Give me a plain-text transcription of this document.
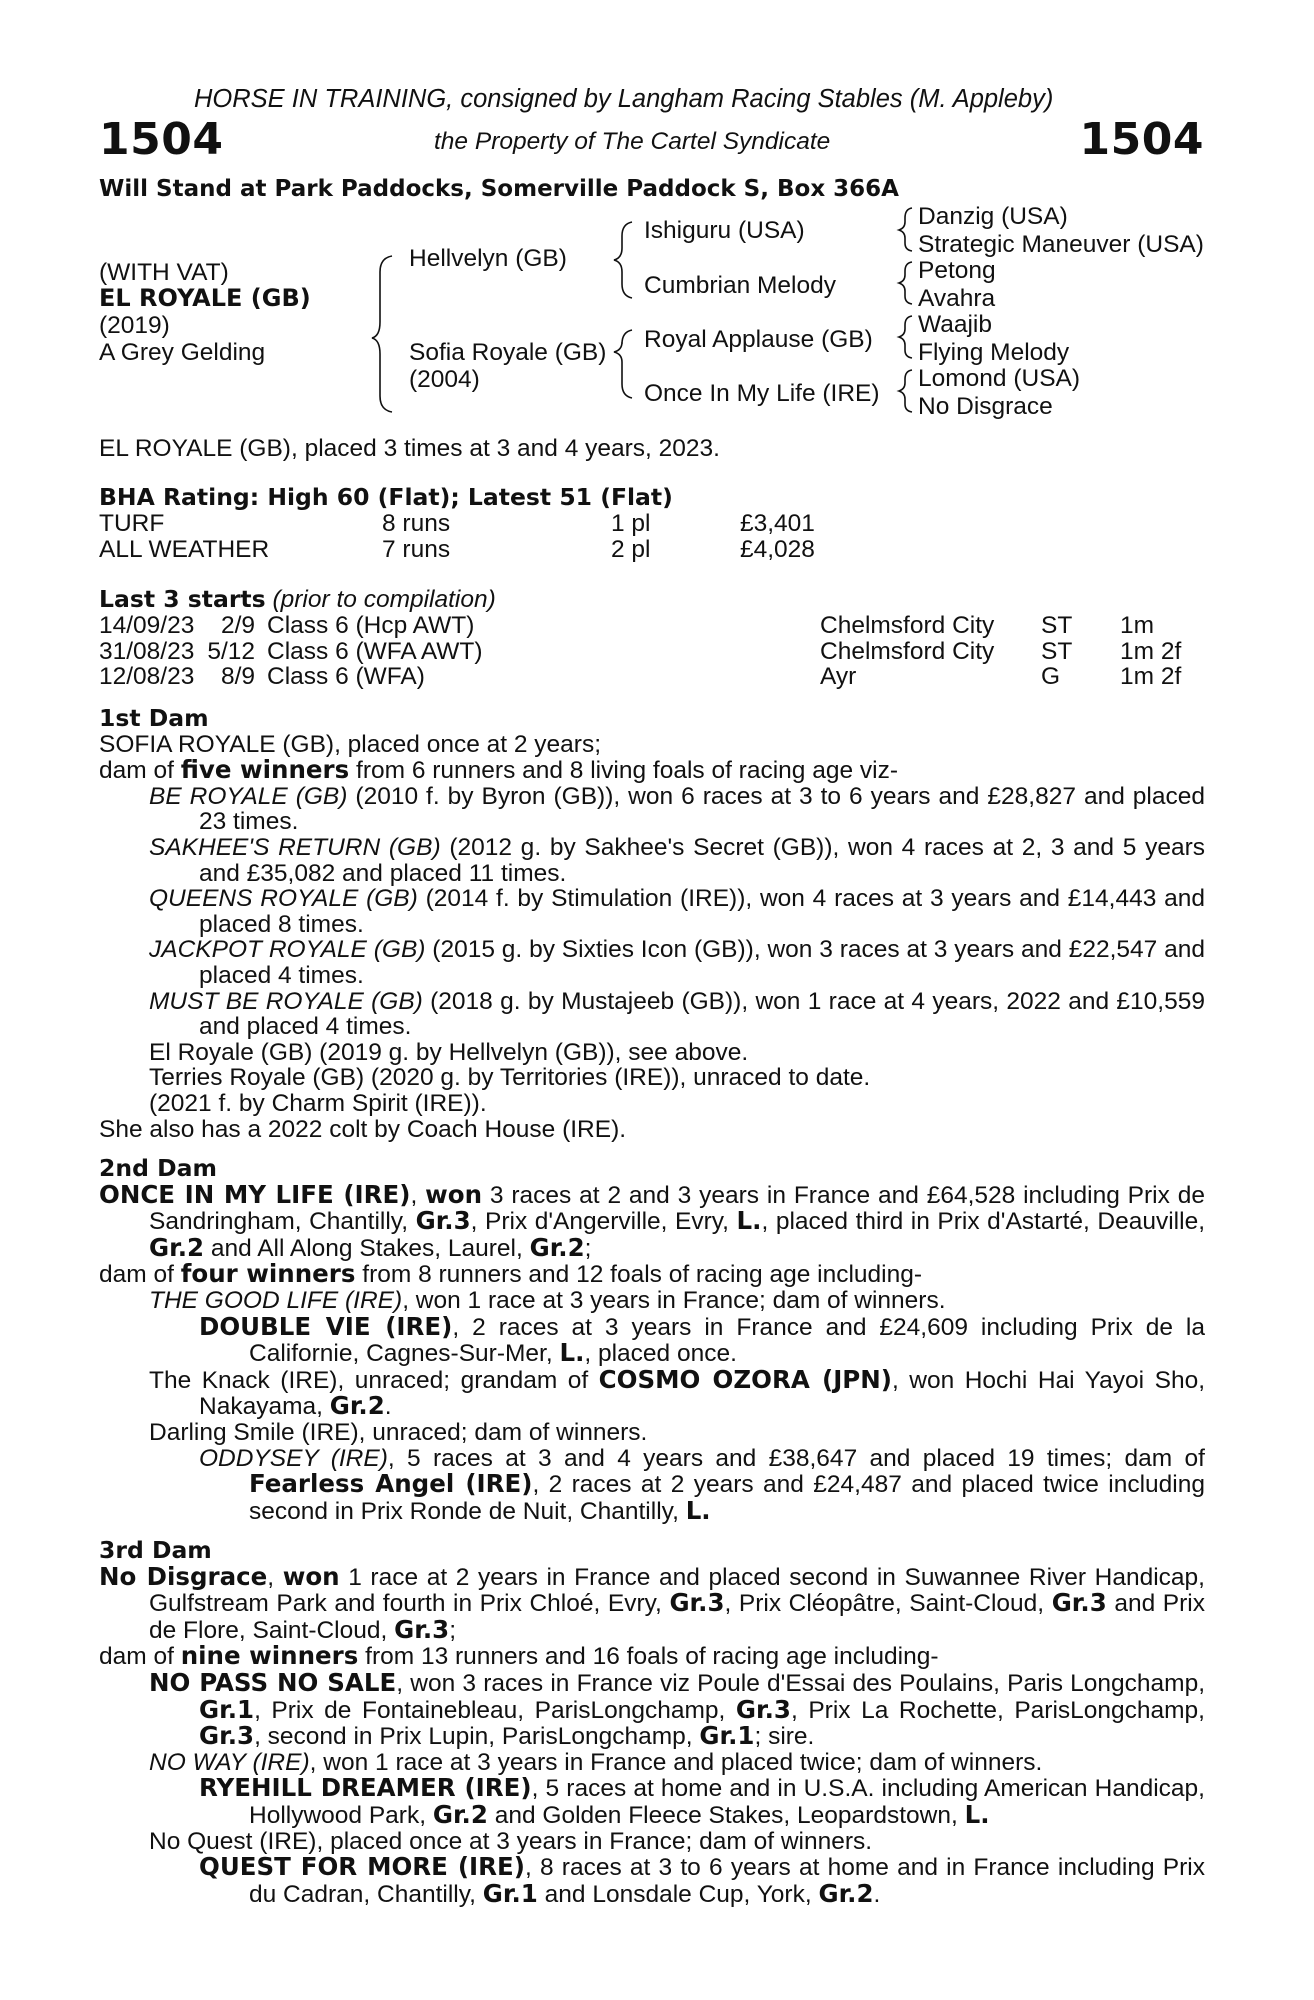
HORSE IN TRAINING, consigned by Langham Racing Stables (M. Appleby)
1504	the Property of The Cartel Syndicate	1504
Will Stand at Park Paddocks, Somerville Paddock S, Box 366A
(WITH VAT)
EL ROYALE (GB)
(2019)
A Grey Gelding
Hellvelyn (GB)
Sofia Royale (GB)
(2004)
Ishiguru (USA)
Cumbrian Melody
Royal Applause (GB)
Once In My Life (IRE)
Danzig (USA)
Strategic Maneuver (USA)
Petong
Avahra
Waajib
Flying Melody
Lomond (USA)
No Disgrace
EL ROYALE (GB), placed 3 times at 3 and 4 years, 2023.
BHA Rating: High 60 (Flat); Latest 51 (Flat)
TURF	8 runs	1 pl	£3,401
ALL WEATHER	7 runs	2 pl	£4,028
Last 3 starts (prior to compilation)
14/09/23	2/9	Class 6 (Hcp AWT)	Chelmsford City	ST	1m
31/08/23	5/12	Class 6 (WFA AWT)	Chelmsford City	ST	1m 2f
12/08/23	8/9	Class 6 (WFA)	Ayr	G	1m 2f
1st Dam
SOFIA ROYALE (GB), placed once at 2 years;
dam of five winners from 6 runners and 8 living foals of racing age viz-
BE ROYALE (GB) (2010 f. by Byron (GB)), won 6 races at 3 to 6 years and £28,827 and placed 23 times.
SAKHEE'S RETURN (GB) (2012 g. by Sakhee's Secret (GB)), won 4 races at 2, 3 and 5 years and £35,082 and placed 11 times.
QUEENS ROYALE (GB) (2014 f. by Stimulation (IRE)), won 4 races at 3 years and £14,443 and placed 8 times.
JACKPOT ROYALE (GB) (2015 g. by Sixties Icon (GB)), won 3 races at 3 years and £22,547 and placed 4 times.
MUST BE ROYALE (GB) (2018 g. by Mustajeeb (GB)), won 1 race at 4 years, 2022 and £10,559 and placed 4 times.
El Royale (GB) (2019 g. by Hellvelyn (GB)), see above.
Terries Royale (GB) (2020 g. by Territories (IRE)), unraced to date.
(2021 f. by Charm Spirit (IRE)).
She also has a 2022 colt by Coach House (IRE).
2nd Dam
ONCE IN MY LIFE (IRE), won 3 races at 2 and 3 years in France and £64,528 including Prix de Sandringham, Chantilly, Gr.3, Prix d'Angerville, Evry, L., placed third in Prix d'Astarté, Deauville, Gr.2 and All Along Stakes, Laurel, Gr.2;
dam of four winners from 8 runners and 12 foals of racing age including-
THE GOOD LIFE (IRE), won 1 race at 3 years in France; dam of winners.
DOUBLE VIE (IRE), 2 races at 3 years in France and £24,609 including Prix de la Californie, Cagnes-Sur-Mer, L., placed once.
The Knack (IRE), unraced; grandam of COSMO OZORA (JPN), won Hochi Hai Yayoi Sho, Nakayama, Gr.2.
Darling Smile (IRE), unraced; dam of winners.
ODDYSEY (IRE), 5 races at 3 and 4 years and £38,647 and placed 19 times; dam of Fearless Angel (IRE), 2 races at 2 years and £24,487 and placed twice including second in Prix Ronde de Nuit, Chantilly, L.
3rd Dam
No Disgrace, won 1 race at 2 years in France and placed second in Suwannee River Handicap, Gulfstream Park and fourth in Prix Chloé, Evry, Gr.3, Prix Cléopâtre, Saint-Cloud, Gr.3 and Prix de Flore, Saint-Cloud, Gr.3;
dam of nine winners from 13 runners and 16 foals of racing age including-
NO PASS NO SALE, won 3 races in France viz Poule d'Essai des Poulains, Paris Longchamp, Gr.1, Prix de Fontainebleau, ParisLongchamp, Gr.3, Prix La Rochette, ParisLongchamp, Gr.3, second in Prix Lupin, ParisLongchamp, Gr.1; sire.
NO WAY (IRE), won 1 race at 3 years in France and placed twice; dam of winners.
RYEHILL DREAMER (IRE), 5 races at home and in U.S.A. including American Handicap, Hollywood Park, Gr.2 and Golden Fleece Stakes, Leopardstown, L.
No Quest (IRE), placed once at 3 years in France; dam of winners.
QUEST FOR MORE (IRE), 8 races at 3 to 6 years at home and in France including Prix du Cadran, Chantilly, Gr.1 and Lonsdale Cup, York, Gr.2.
